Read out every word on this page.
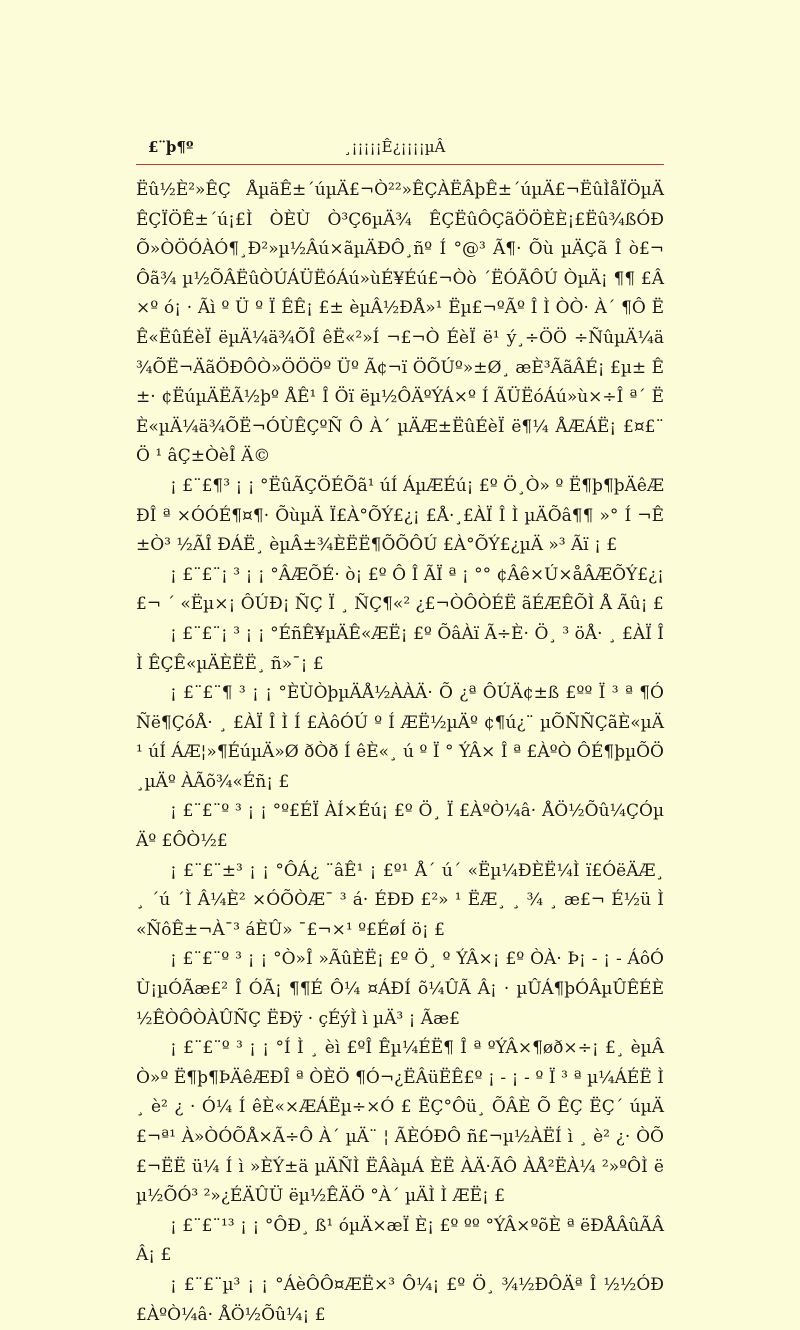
£¨þ¶º	¸¡¡¡¡¡Ê¿¡¡¡¡µÂ

Ëû½È²»ÊÇ ÅµäÊ±´úµÄ£¬Ò²²»ÊÇÀËÂþÊ±´úµÄ£¬ËûÌåÏÖµÄÊÇÏÖÊ±´ú¡£Ì ÒÈÙ Ò³Ç6µÄ¾ ÊÇËûÔÇãÖÖÈÈ¡£Ëû¾ßÓÐÕ»ÒÖÓÀÓ¶¸Ð²»µ½Âú×ãµÄÐÔ¸ñº Í °@³ Ã¶· Õù µÄÇã Î ò£¬Ôã¾ µ½ÕÂËûÒÚÁÜËóÁú»ùÉ¥Éú£¬Òò ´ËÓÃÔÚ ÒµÄ¡ ¶¶ £Â×º ó¡ · Ãì º Ü º Ï ÊÊ¡ £± èµÂ½ÐÅ»¹ Ëµ£¬ºÃº Î Ì ÒÒ· À´ ¶Ô ËÊ«ËûÉèÏ ëµÄ¼ä¾ÕÎ êË«²»Í ¬£¬Ò ÉèÏ ë¹ ý¸÷ÖÖ ÷ÑûµÄ¼ä¾ÕË¬ÄãÖÐÔÒ»ÖÖÖº Üº Ã¢¬ï ÖÕÚº»±Ø¸ æÈ³ÃãÂÉ¡ £µ± Ê±· ¢ËúµÄËÃ½þº ÅÊ¹ Î Öï ëµ½ÔÄºÝÁ×º Í ÃÜËóÁú»ù×÷Î ª´ ËÈ«µÄ¼ä¾ÕË¬ÓÙÊÇºÑ Ô À´ µÄÆ±ËûÉèÏ ë¶¼ ÅÆÁË¡ £¤£¨ Ö ¹ âÇ±ÒèÎ Ä©

¡ £¨£¶³ ¡ ¡ °ËûÃÇÖÉÕã¹ úÍ ÁµÆÉú¡ £º Ö¸Ò» º Ë¶þ¶þÄêÆÐÎ ª ×ÓÓÉ¶¤¶· ÕùµÄ Ï£À°ÕÝ£¿¡ £Å·¸£ÀÏ Î Ì µÄÕâ¶¶ »° Í ¬Ê±Ò³ ½ÃÎ ÐÁË¸ èµÂ±¾ÈËË¶ÕÕÔÚ £À°ÕÝ£¿µÄ »³ Ãï ¡ £

¡ £¨£¨¡ ³ ¡ ¡ °ÂÆÕÉ· ò¡ £º Ô Î ÃÏ ª ¡ °° ¢Âê×Ú×åÂÆÕÝ£¿¡ £¬ ´ «Ëµ×¡ ÔÚÐ¡ ÑÇ Ï ¸ ÑÇ¶«² ¿£¬ÒÔÒÉË ãÉÆÊÕÌ Å Ãû¡ £

¡ £¨£¨¡ ³ ¡ ¡ °ÉñÊ¥µÄÊ«ÆË¡ £º ÕâÀï Ã÷È· Ö¸ ³ öÅ· ¸ £ÀÏ Î Ì ÊÇÊ«µÄÈËË¸ ñ»¯¡ £

¡ £¨£¨¶ ³ ¡ ¡ °ÈÙÒþµÄÅ½ÀÀÄ· Õ ¿ª ÔÚÄ¢±ß £ºº Ï ³ ª ¶ÓÑë¶ÇóÅ· ¸ £ÀÏ Î Ì Í £ÀôÓÚ º Í ÆË½µÄº ¢¶ú¿¨ µÕÑÑÇãÈ«µÄ¹ úÍ ÁÆ¦»¶ÉúµÄ»Ø ðÒð Í êÈ«¸ ú º Ï ° ÝÂ× Î ª £ÀºÒ ÔÉ¶þµÕÖ¸µÄº ÀÃõ¾«Éñ¡ £

¡ £¨£¨º ³ ¡ ¡ °º£ÉÏ ÀÍ×Éú¡ £º Ö¸ Ï £ÀºÒ¼â· ÅÖ½Õû¼ÇÓµÄº £ÔÒ½£

¡ £¨£¨±³ ¡ ¡ °ÔÁ¿ ¨âÊ¹ ¡ £º¹ Å´ ú´ «Ëµ¼ÐÈË¼Ì ï£ÓëÄÆ¸ ¸ ´ú ´Ì Â¼È² ×ÓÕÒÆ¯ ³ á· ÉÐÐ £²» ¹ ËÆ¸ ¸ ¾ ¸ æ£¬ É½ü Ì «ÑôÊ±¬À¯³ áÈÛ» ¯£¬×¹ º£ÉøÍ ö¡ £

¡ £¨£¨º ³ ¡ ¡ °Ò»Î »ÃûÈË¡ £º Ö¸ º ÝÂ×¡ £º ÒÀ· Þ¡ - ¡ - ÁôÓÙ¡µÓÃæ£² Î ÓÃ¡ ¶¶É Ô¼ ¤ÁÐÍ õ¼ÛÃ Â¡ · µÛÁ¶þÓÂµÛÊÉÈ½ÊÒÔÒÀÛÑÇ ËÐÿ · çÉýÌ ì µÄ³ ¡ Ãæ£

¡ £¨£¨º ³ ¡ ¡ °Í Ì ¸ èì £ºÎ Êµ¼ÉË¶ Î ª ºÝÂ×¶øð×÷¡ £¸ èµÂÒ»º Ë¶þ¶ÞÄêÆÐÎ ª ÒÈÖ ¶Ó¬¿ËÂüËÊ£º ¡ - ¡ - º Ï ³ ª µ¼ÁÉË Ì ¸ è² ¿ · Ó¼ Í êÈ«×ÆÁËµ÷×Ó £ ËÇ°Ôü¸ ÕÂÈ Õ ÊÇ ËÇ´ úµÄ£¬ª¹ À»ÒÓÕÅ×Ã÷Ô À´ µÄ¨ ¦ ÃÈÓÐÔ ñ£¬µ½ÀËÍ ì ¸ è² ¿· ÒÕ£¬ËË ü¼ Í ì »ÈÝ±ä µÄÑÌ ËÂàµÁ ÈË ÀÄ·ÃÔ ÀÅ²ËÀ¼ ²»ºÔÌ ëµ½ÕÓ³ ²»¿ÉÄÛÜ ëµ½ÊÄÖ °À´ µÄÌ Ì ÆË¡ £

¡ £¨£¨¹³ ¡ ¡ °ÔÐ¸ ß¹ óµÄ×æÏ È¡ £º ºº °ÝÂ×ºõÈ ª ëÐÅÂûÃÂÂ¡ £

¡ £¨£¨µ³ ¡ ¡ °ÁèÔÔ¤ÆË×³ Ô¼¡ £º Ö¸ ¾½ÐÔÄª Î ½½ÓÐ £ÀºÒ¼â· ÅÖ½Õû¼¡ £
